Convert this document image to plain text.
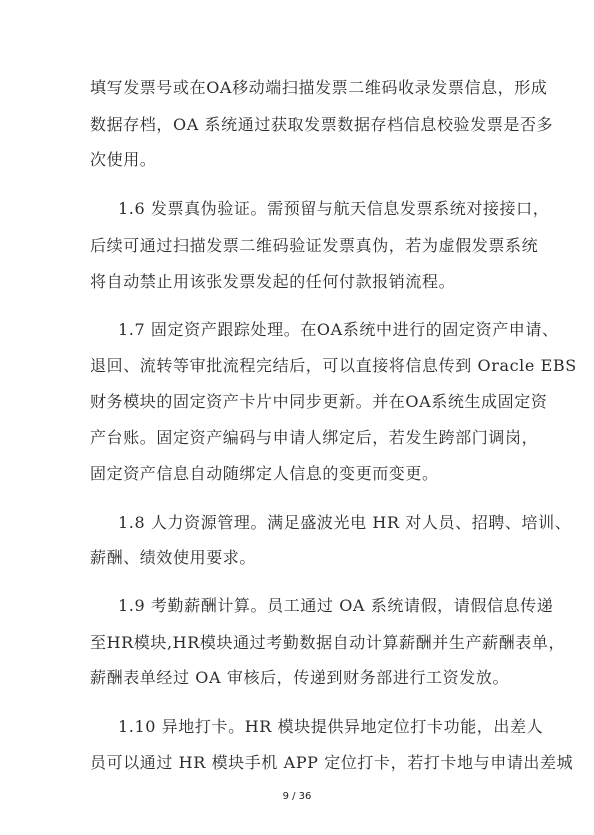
填写发票号或在OA移动端扫描发票二维码收录发票信息，形成
数据存档，OA 系统通过获取发票数据存档信息校验发票是否多
次使用。
1.6 发票真伪验证。需预留与航天信息发票系统对接接口，
后续可通过扫描发票二维码验证发票真伪，若为虚假发票系统
将自动禁止用该张发票发起的任何付款报销流程。
1.7 固定资产跟踪处理。在OA系统中进行的固定资产申请、
退回、流转等审批流程完结后，可以直接将信息传到 Oracle EBS
财务模块的固定资产卡片中同步更新。并在OA系统生成固定资
产台账。固定资产编码与申请人绑定后，若发生跨部门调岗，
固定资产信息自动随绑定人信息的变更而变更。
1.8 人力资源管理。满足盛波光电 HR 对人员、招聘、培训、
薪酬、绩效使用要求。
1.9 考勤薪酬计算。员工通过 OA 系统请假，请假信息传递
至HR模块,HR模块通过考勤数据自动计算薪酬并生产薪酬表单，
薪酬表单经过 OA 审核后，传递到财务部进行工资发放。
1.10 异地打卡。HR 模块提供异地定位打卡功能，出差人
员可以通过 HR 模块手机 APP 定位打卡，若打卡地与申请出差城
9 / 36
